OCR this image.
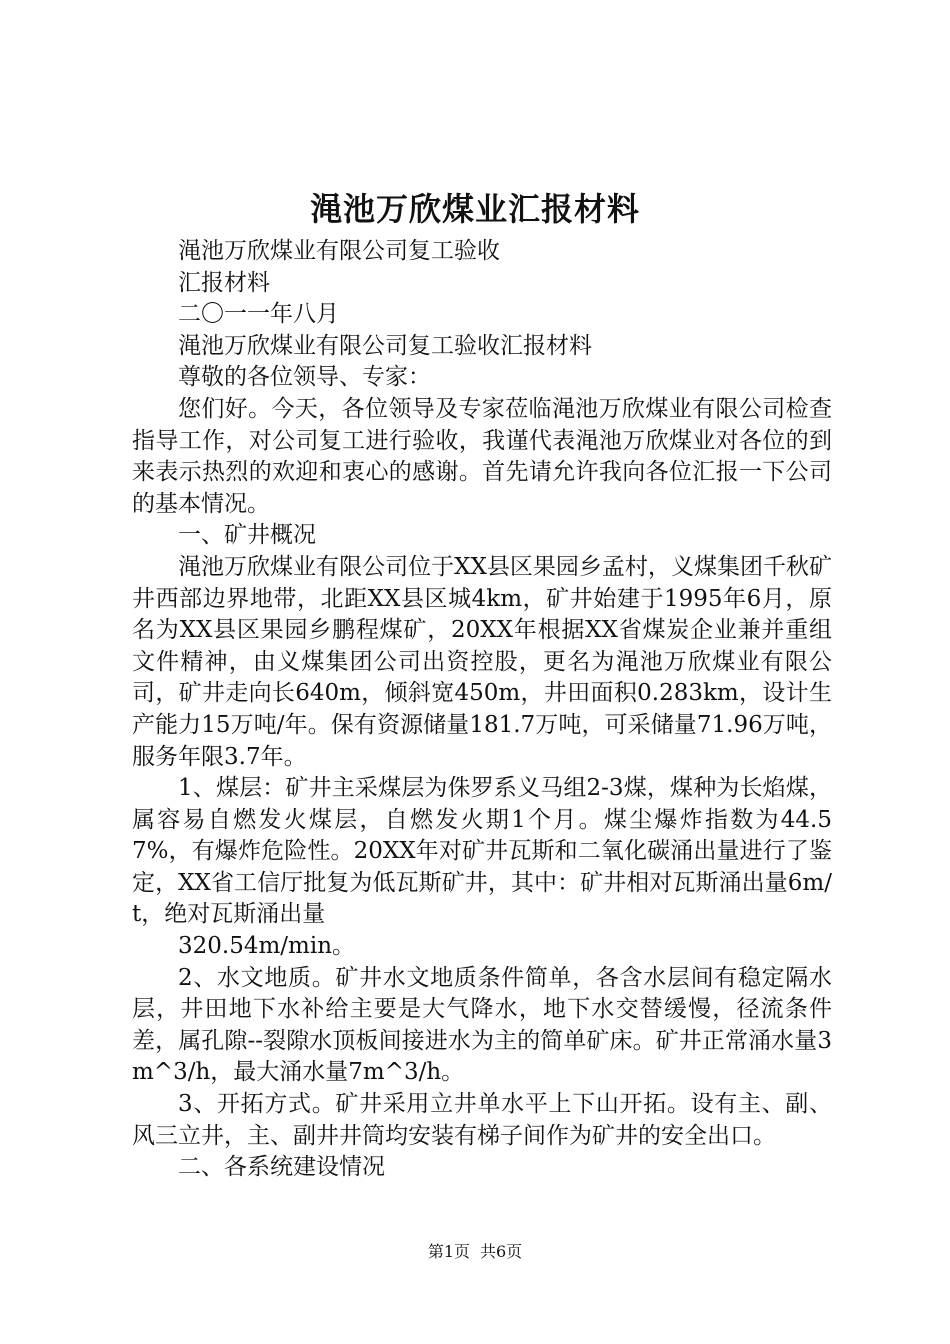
渑池万欣煤业汇报材料

渑池万欣煤业有限公司复工验收

汇报材料

二〇一一年八月

渑池万欣煤业有限公司复工验收汇报材料

尊敬的各位领导、专家：

您们好。今天，各位领导及专家莅临渑池万欣煤业有限公司检查指导工作，对公司复工进行验收，我谨代表渑池万欣煤业对各位的到来表示热烈的欢迎和衷心的感谢。首先请允许我向各位汇报一下公司的基本情况。

一、矿井概况

渑池万欣煤业有限公司位于XX县区果园乡孟村，义煤集团千秋矿井西部边界地带，北距XX县区城4km，矿井始建于1995年6月，原名为XX县区果园乡鹏程煤矿，20XX年根据XX省煤炭企业兼并重组文件精神，由义煤集团公司出资控股，更名为渑池万欣煤业有限公司，矿井走向长640m，倾斜宽450m，井田面积0.283km，设计生产能力15万吨/年。保有资源储量181.7万吨，可采储量71.96万吨，服务年限3.7年。

1、煤层：矿井主采煤层为侏罗系义马组2-3煤，煤种为长焰煤，属容易自燃发火煤层，自燃发火期1个月。煤尘爆炸指数为44.57%，有爆炸危险性。20XX年对矿井瓦斯和二氧化碳涌出量进行了鉴定，XX省工信厅批复为低瓦斯矿井，其中：矿井相对瓦斯涌出量6m/t，绝对瓦斯涌出量

320.54m/min。

2、水文地质。矿井水文地质条件简单，各含水层间有稳定隔水层，井田地下水补给主要是大气降水，地下水交替缓慢，径流条件差，属孔隙--裂隙水顶板间接进水为主的简单矿床。矿井正常涌水量3m^3/h，最大涌水量7m^3/h。

3、开拓方式。矿井采用立井单水平上下山开拓。设有主、副、风三立井，主、副井井筒均安装有梯子间作为矿井的安全出口。

二、各系统建设情况

第1页 共6页
